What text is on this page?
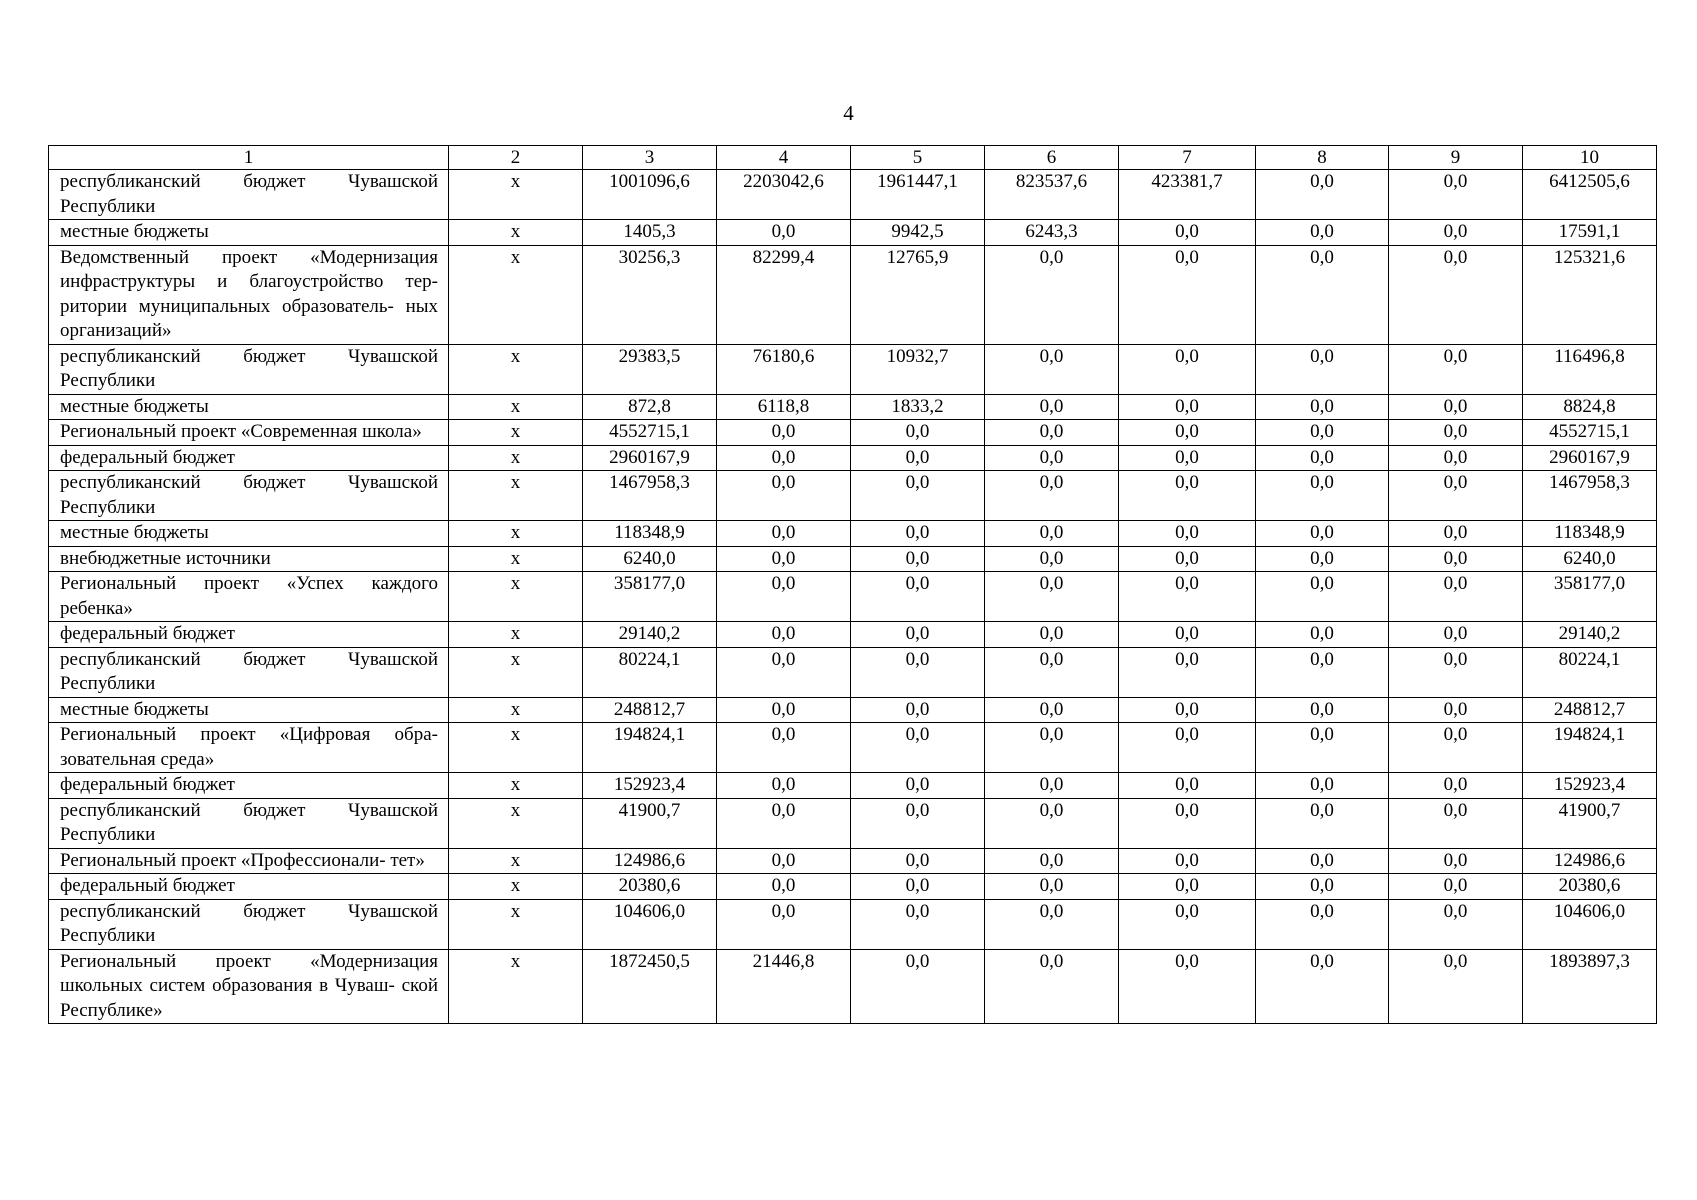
4
1	2	3	4	5	6	7	8	9	10
республиканский бюджет Чувашской Республики	x	1001096,6	2203042,6	1961447,1	823537,6	423381,7	0,0	0,0	6412505,6
местные бюджеты	x	1405,3	0,0	9942,5	6243,3	0,0	0,0	0,0	17591,1
Ведомственный проект «Модернизация инфраструктуры и благоустройство тер- ритории муниципальных образователь- ных организаций»	x	30256,3	82299,4	12765,9	0,0	0,0	0,0	0,0	125321,6
республиканский бюджет Чувашской Республики	x	29383,5	76180,6	10932,7	0,0	0,0	0,0	0,0	116496,8
местные бюджеты	x	872,8	6118,8	1833,2	0,0	0,0	0,0	0,0	8824,8
Региональный проект «Современная школа»	x	4552715,1	0,0	0,0	0,0	0,0	0,0	0,0	4552715,1
федеральный бюджет	x	2960167,9	0,0	0,0	0,0	0,0	0,0	0,0	2960167,9
республиканский бюджет Чувашской Республики	x	1467958,3	0,0	0,0	0,0	0,0	0,0	0,0	1467958,3
местные бюджеты	x	118348,9	0,0	0,0	0,0	0,0	0,0	0,0	118348,9
внебюджетные источники	x	6240,0	0,0	0,0	0,0	0,0	0,0	0,0	6240,0
Региональный проект «Успех каждого ребенка»	x	358177,0	0,0	0,0	0,0	0,0	0,0	0,0	358177,0
федеральный бюджет	x	29140,2	0,0	0,0	0,0	0,0	0,0	0,0	29140,2
республиканский бюджет Чувашской Республики	x	80224,1	0,0	0,0	0,0	0,0	0,0	0,0	80224,1
местные бюджеты	x	248812,7	0,0	0,0	0,0	0,0	0,0	0,0	248812,7
Региональный проект «Цифровая обра- зовательная среда»	x	194824,1	0,0	0,0	0,0	0,0	0,0	0,0	194824,1
федеральный бюджет	x	152923,4	0,0	0,0	0,0	0,0	0,0	0,0	152923,4
республиканский бюджет Чувашской Республики	x	41900,7	0,0	0,0	0,0	0,0	0,0	0,0	41900,7
Региональный проект «Профессионали- тет»	x	124986,6	0,0	0,0	0,0	0,0	0,0	0,0	124986,6
федеральный бюджет	x	20380,6	0,0	0,0	0,0	0,0	0,0	0,0	20380,6
республиканский бюджет Чувашской Республики	x	104606,0	0,0	0,0	0,0	0,0	0,0	0,0	104606,0
Региональный проект «Модернизация школьных систем образования в Чуваш- ской Республике»	x	1872450,5	21446,8	0,0	0,0	0,0	0,0	0,0	1893897,3
